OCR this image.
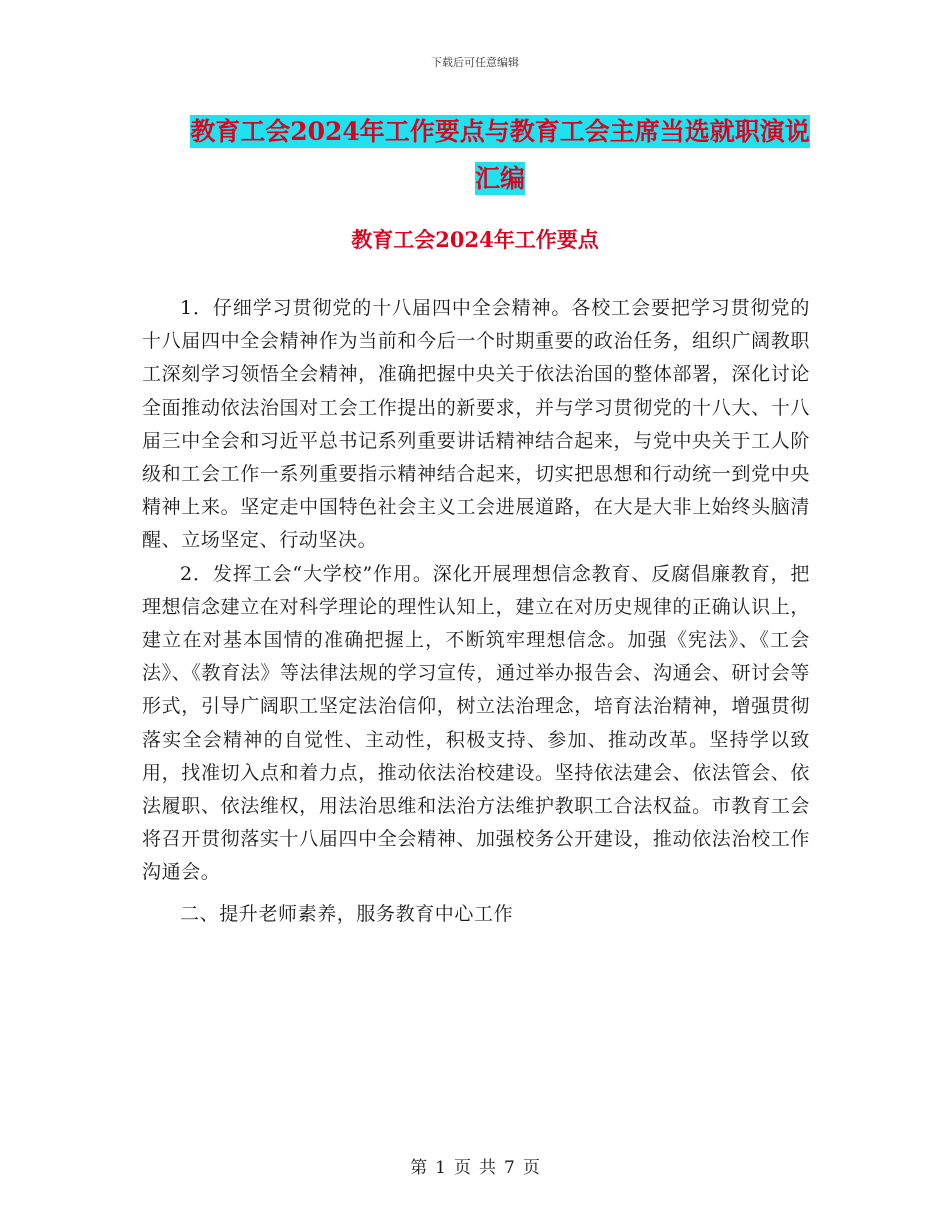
下载后可任意编辑
教育工会2024年工作要点与教育工会主席当选就职演说汇编
教育工会2024年工作要点

1．仔细学习贯彻党的十八届四中全会精神。各校工会要把学习贯彻党的十八届四中全会精神作为当前和今后一个时期重要的政治任务，组织广阔教职工深刻学习领悟全会精神，准确把握中央关于依法治国的整体部署，深化讨论全面推动依法治国对工会工作提出的新要求，并与学习贯彻党的十八大、十八届三中全会和习近平总书记系列重要讲话精神结合起来，与党中央关于工人阶级和工会工作一系列重要指示精神结合起来，切实把思想和行动统一到党中央精神上来。坚定走中国特色社会主义工会进展道路，在大是大非上始终头脑清醒、立场坚定、行动坚决。

2．发挥工会“大学校”作用。深化开展理想信念教育、反腐倡廉教育，把理想信念建立在对科学理论的理性认知上，建立在对历史规律的正确认识上，建立在对基本国情的准确把握上，不断筑牢理想信念。加强《宪法》、《工会法》、《教育法》等法律法规的学习宣传，通过举办报告会、沟通会、研讨会等形式，引导广阔职工坚定法治信仰，树立法治理念，培育法治精神，增强贯彻落实全会精神的自觉性、主动性，积极支持、参加、推动改革。坚持学以致用，找准切入点和着力点，推动依法治校建设。坚持依法建会、依法管会、依法履职、依法维权，用法治思维和法治方法维护教职工合法权益。市教育工会将召开贯彻落实十八届四中全会精神、加强校务公开建设，推动依法治校工作沟通会。

二、提升老师素养，服务教育中心工作

第 1 页 共 7 页
